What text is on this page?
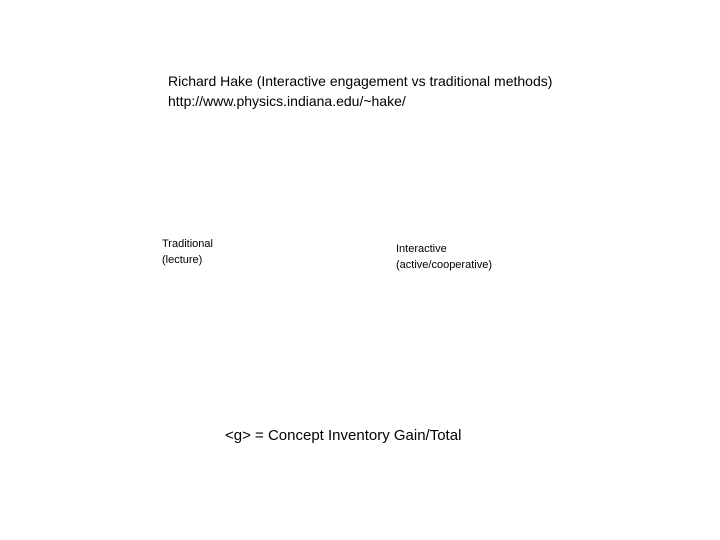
Richard Hake (Interactive engagement vs traditional methods)
http://www.physics.indiana.edu/~hake/
Traditional
(lecture)
Interactive
(active/cooperative)
<g> = Concept Inventory Gain/Total
